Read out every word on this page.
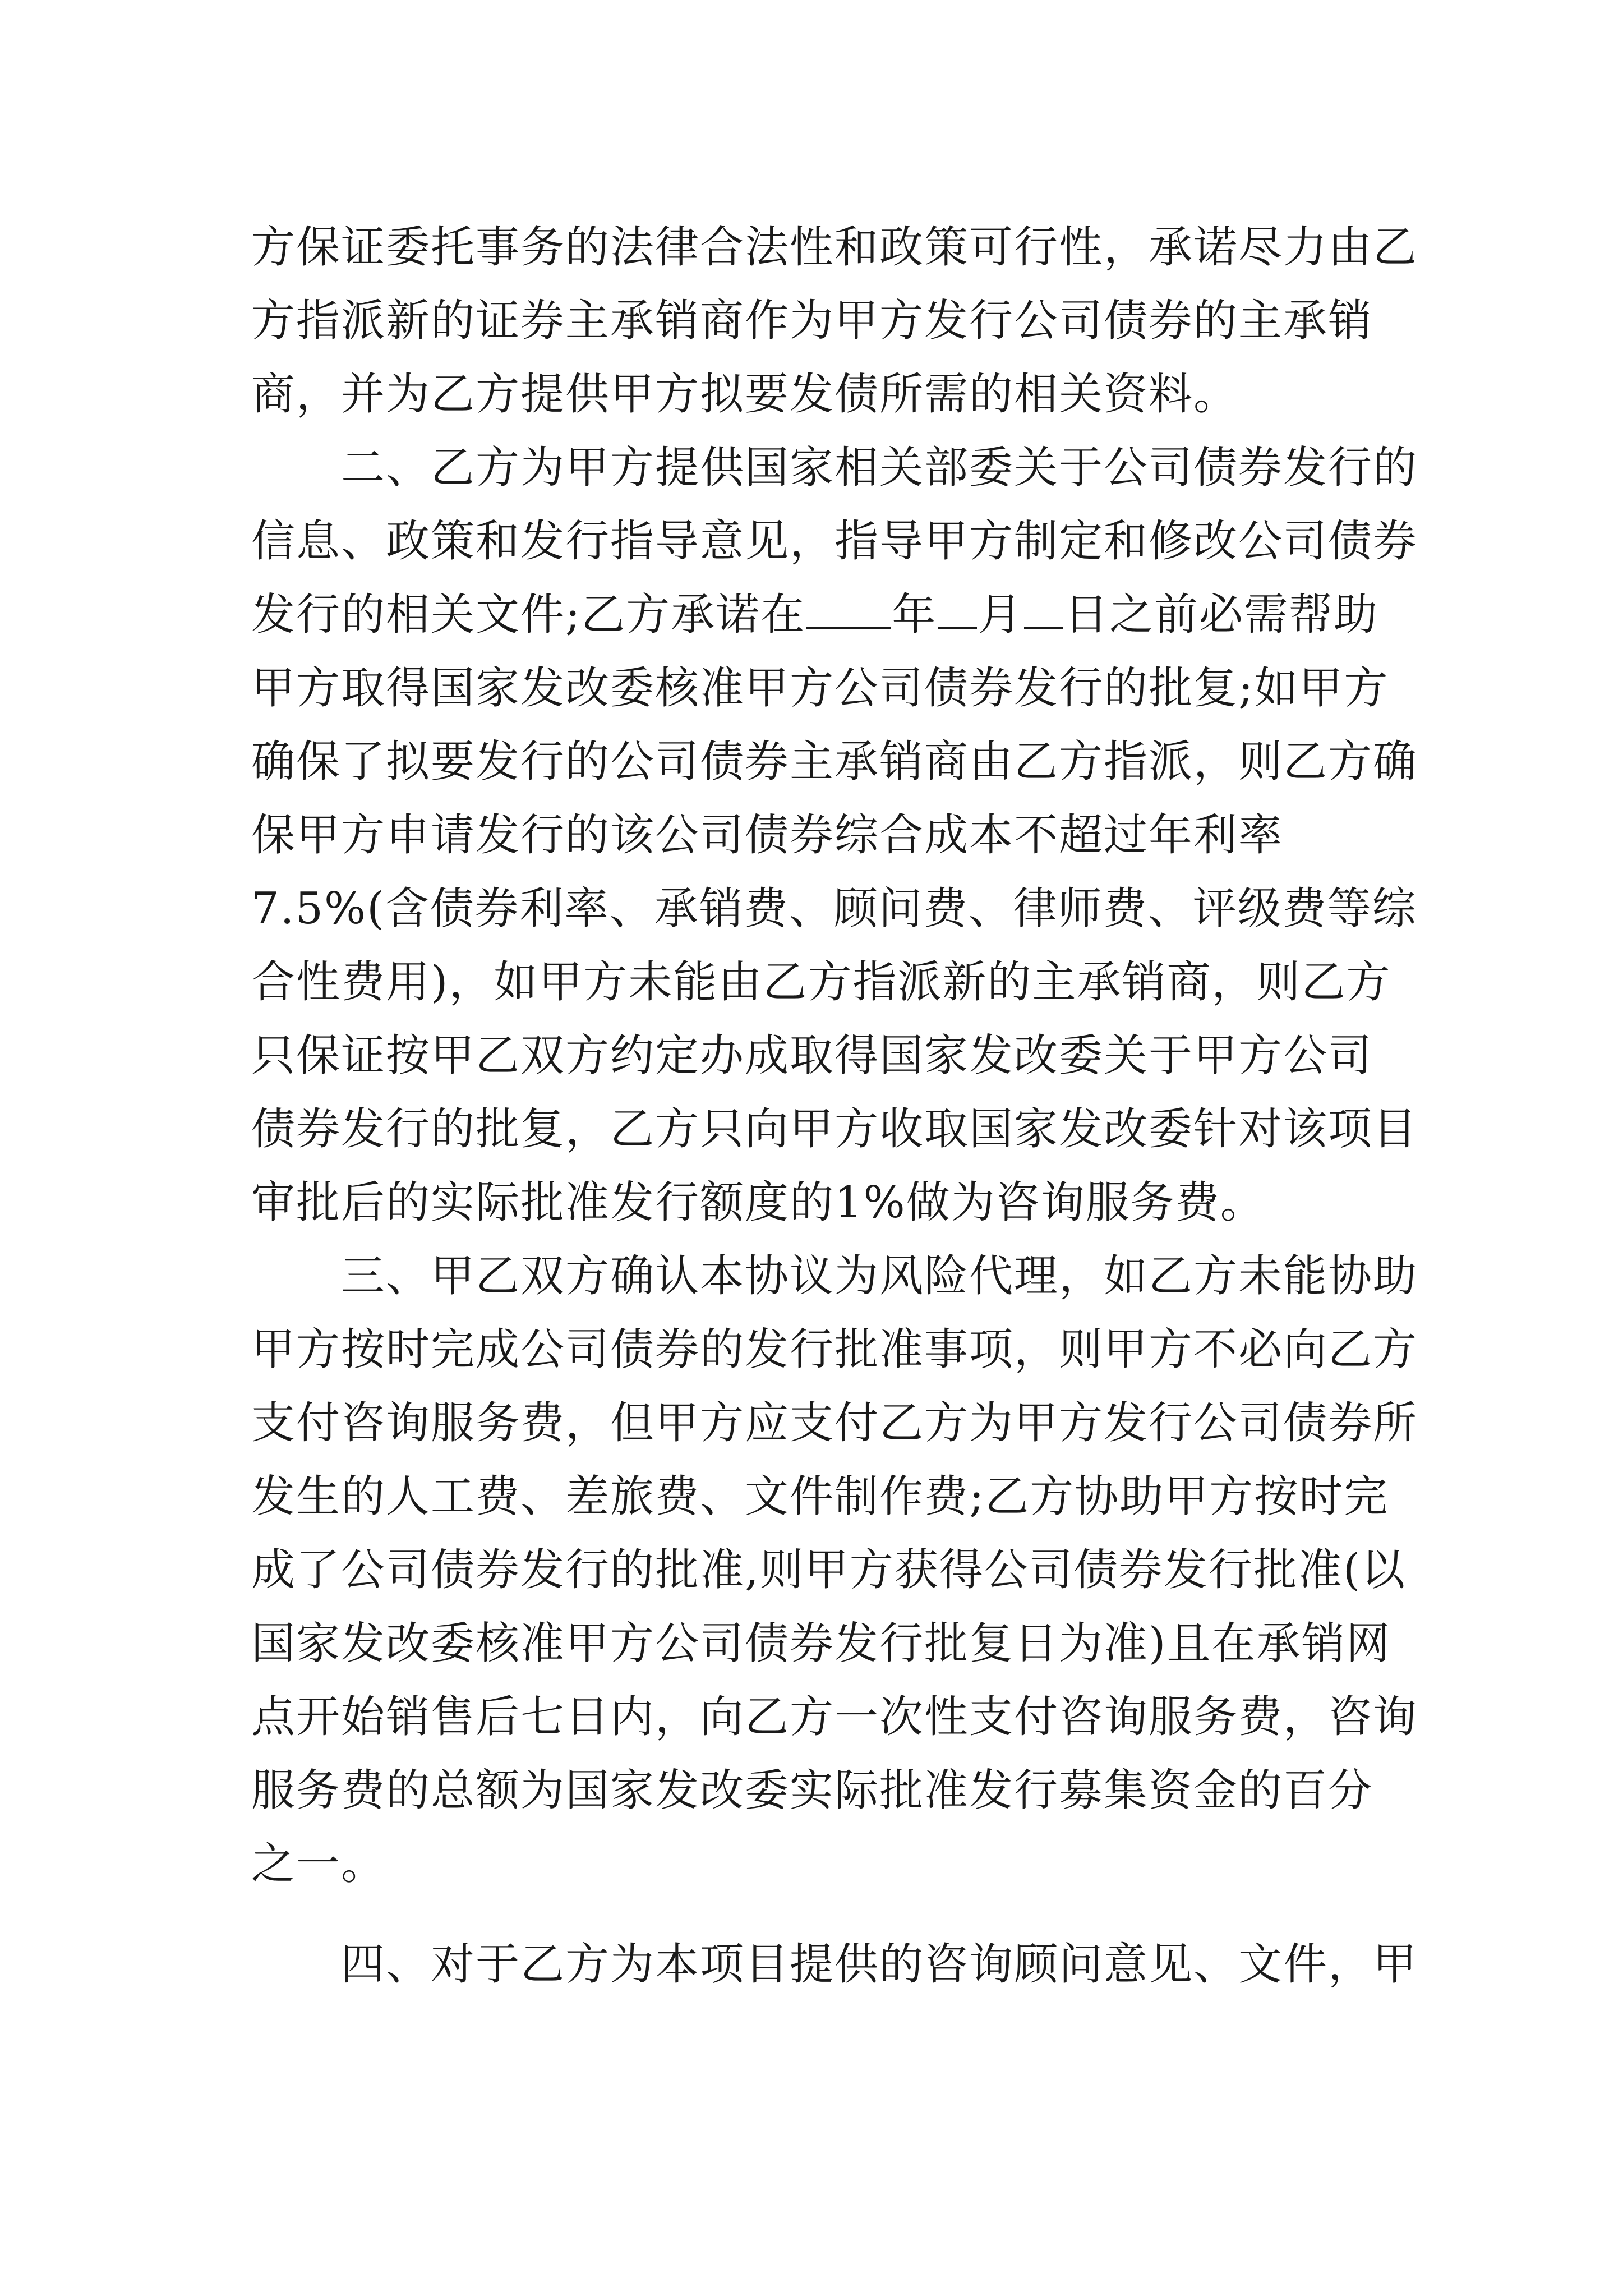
方保证委托事务的法律合法性和政策可行性，承诺尽力由乙
方指派新的证券主承销商作为甲方发行公司债券的主承销
商，并为乙方提供甲方拟要发债所需的相关资料。
二、乙方为甲方提供国家相关部委关于公司债券发行的
信息、政策和发行指导意见，指导甲方制定和修改公司债券
发行的相关文件;乙方承诺在 年 月 日之前必需帮助
甲方取得国家发改委核准甲方公司债券发行的批复;如甲方
确保了拟要发行的公司债券主承销商由乙方指派，则乙方确
保甲方申请发行的该公司债券综合成本不超过年利率
7.5%(含债券利率、承销费、顾问费、律师费、评级费等综
合性费用)，如甲方未能由乙方指派新的主承销商，则乙方
只保证按甲乙双方约定办成取得国家发改委关于甲方公司
债券发行的批复，乙方只向甲方收取国家发改委针对该项目
审批后的实际批准发行额度的1%做为咨询服务费。
三、甲乙双方确认本协议为风险代理，如乙方未能协助
甲方按时完成公司债券的发行批准事项，则甲方不必向乙方
支付咨询服务费，但甲方应支付乙方为甲方发行公司债券所
发生的人工费、差旅费、文件制作费;乙方协助甲方按时完
成了公司债券发行的批准,则甲方获得公司债券发行批准(以
国家发改委核准甲方公司债券发行批复日为准)且在承销网
点开始销售后七日内，向乙方一次性支付咨询服务费，咨询
服务费的总额为国家发改委实际批准发行募集资金的百分
之一。
四、对于乙方为本项目提供的咨询顾问意见、文件，甲
